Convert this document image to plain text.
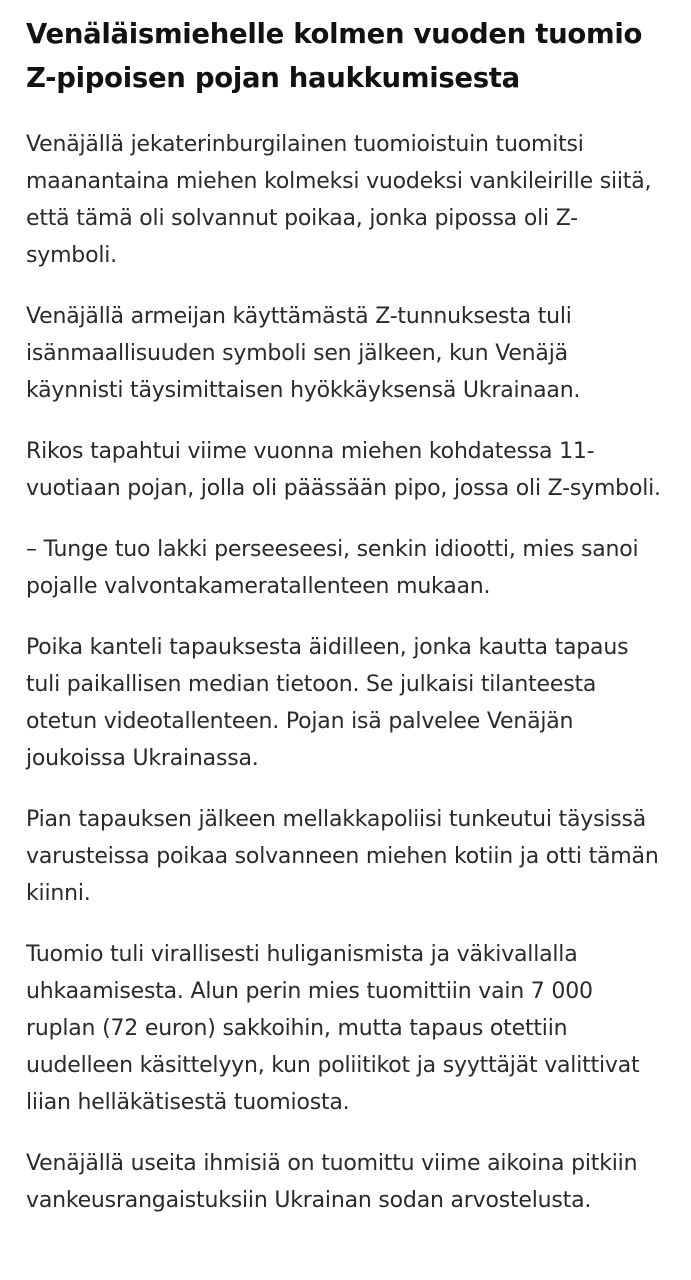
Venäläismiehelle kolmen vuoden tuomio Z-pipoisen pojan haukkumisesta

Venäjällä jekaterinburgilainen tuomioistuin tuomitsi maanantaina miehen kolmeksi vuodeksi vankileirille siitä, että tämä oli solvannut poikaa, jonka pipossa oli Z-symboli.

Venäjällä armeijan käyttämästä Z-tunnuksesta tuli isänmaallisuuden symboli sen jälkeen, kun Venäjä käynnisti täysimittaisen hyökkäyksensä Ukrainaan.

Rikos tapahtui viime vuonna miehen kohdatessa 11-vuotiaan pojan, jolla oli päässään pipo, jossa oli Z-symboli.

– Tunge tuo lakki perseeseesi, senkin idiootti, mies sanoi pojalle valvontakameratallenteen mukaan.

Poika kanteli tapauksesta äidilleen, jonka kautta tapaus tuli paikallisen median tietoon. Se julkaisi tilanteesta otetun videotallenteen. Pojan isä palvelee Venäjän joukoissa Ukrainassa.

Pian tapauksen jälkeen mellakkapoliisi tunkeutui täysissä varusteissa poikaa solvanneen miehen kotiin ja otti tämän kiinni.

Tuomio tuli virallisesti huliganismista ja väkivallalla uhkaamisesta. Alun perin mies tuomittiin vain 7 000 ruplan (72 euron) sakkoihin, mutta tapaus otettiin uudelleen käsittelyyn, kun poliitikot ja syyttäjät valittivat liian helläkätisestä tuomiosta.

Venäjällä useita ihmisiä on tuomittu viime aikoina pitkiin vankeusrangaistuksiin Ukrainan sodan arvostelusta.
